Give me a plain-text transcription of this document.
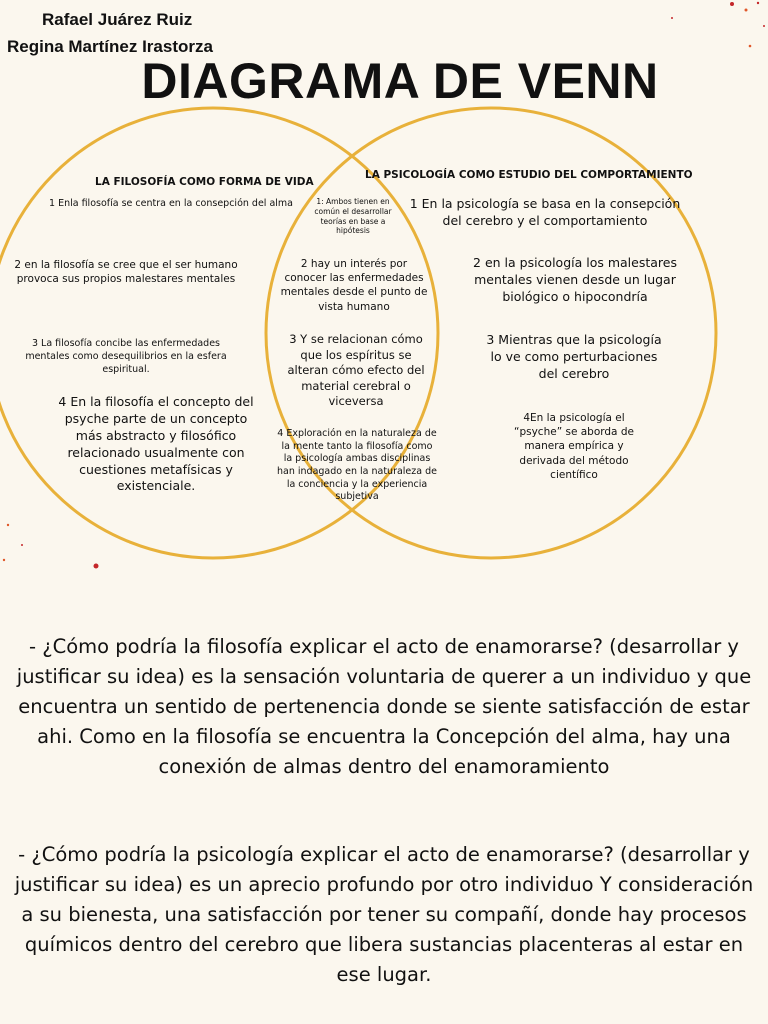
Rafael Juárez Ruiz
Regina Martínez Irastorza
DIAGRAMA DE VENN
LA FILOSOFÍA COMO FORMA DE VIDA
1 Enla filosofía se centra en la consepción del alma
2 en la filosofía se cree que el ser humano provoca sus propios malestares mentales
3 La filosofía concibe las enfermedades mentales como desequilibrios en la esfera espiritual.
4 En la filosofía el concepto del psyche parte de un concepto más abstracto y filosófico relacionado usualmente con cuestiones metafísicas y existenciale.
1: Ambos tienen en común el desarrollar teorías en base a hipótesis
2 hay un interés por conocer las enfermedades mentales desde el punto de vista humano
3 Y se relacionan cómo que los espíritus se alteran cómo efecto del material cerebral o viceversa
4 Exploración en la naturaleza de la mente tanto la filosofía como la psicología ambas disciplinas han indagado en la naturaleza de la conciencia y la experiencia subjetiva
LA PSICOLOGÍA COMO ESTUDIO DEL COMPORTAMIENTO
1 En la psicología se basa en la consepción del cerebro y el comportamiento
2 en la psicología los malestares mentales vienen desde un lugar biológico o hipocondría
3 Mientras que la psicología lo ve como perturbaciones del cerebro
4En la psicología el “psyche” se aborda de manera empírica y derivada del método científico
- ¿Cómo podría la filosofía explicar el acto de enamorarse? (desarrollar y justificar su idea) es la sensación voluntaria de querer a un individuo y que encuentra un sentido de pertenencia donde se siente satisfacción de estar ahi. Como en la filosofía se encuentra la Concepción del alma, hay una conexión de almas dentro del enamoramiento
- ¿Cómo podría la psicología explicar el acto de enamorarse? (desarrollar y justificar su idea) es un aprecio profundo por otro individuo Y consideración a su bienesta, una satisfacción por tener su compañí, donde hay procesos químicos dentro del cerebro que libera sustancias placenteras al estar en ese lugar.
